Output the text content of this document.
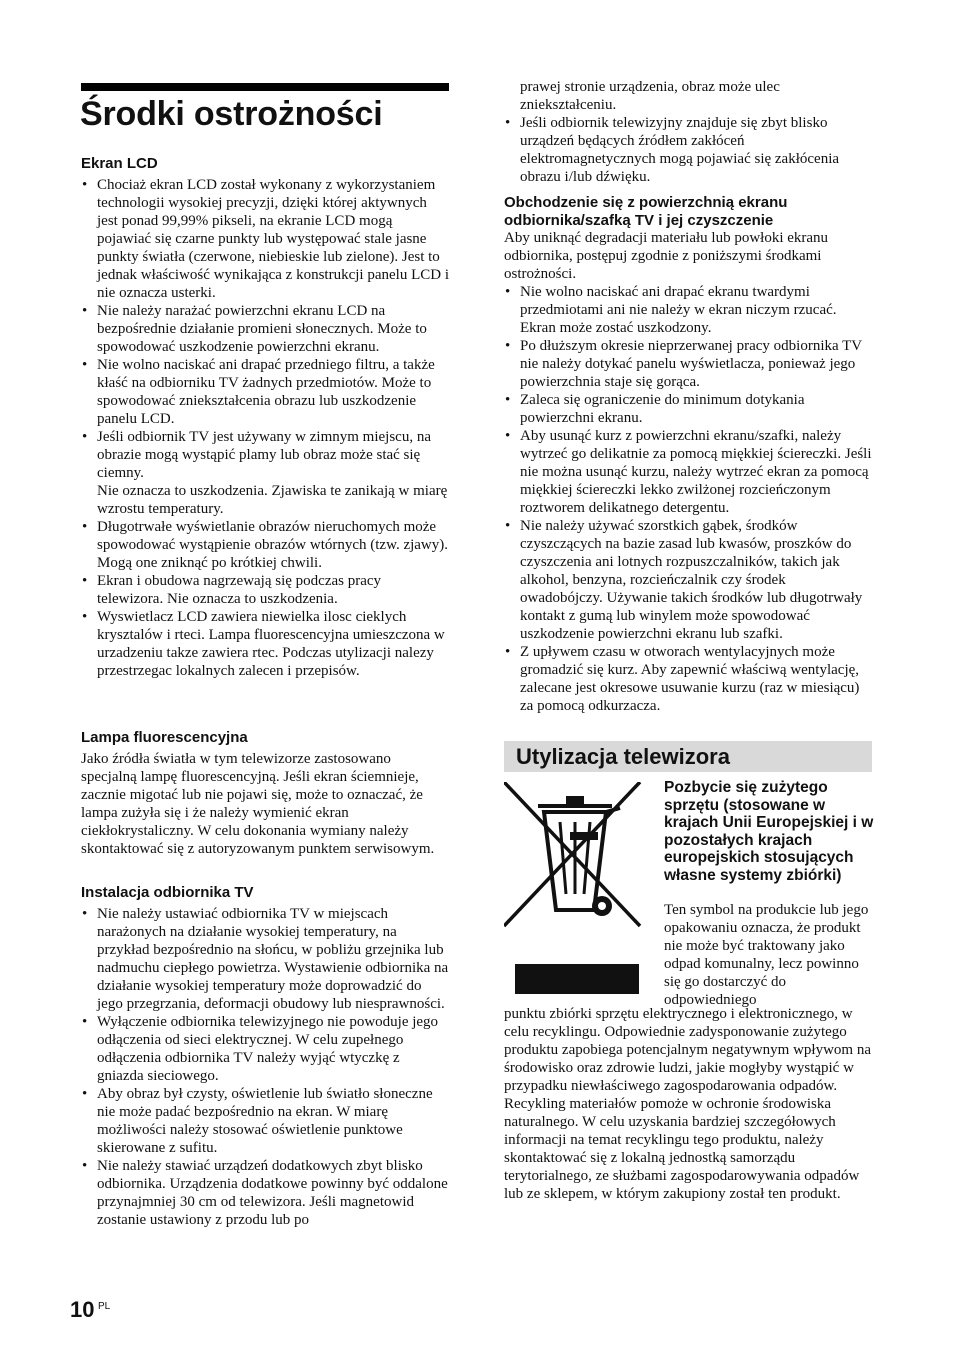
Środki ostrożności
Ekran LCD
• Chociaż ekran LCD został wykonany z wykorzystaniem technologii wysokiej precyzji, dzięki której aktywnych jest ponad 99,99% pikseli, na ekranie LCD mogą pojawiać się czarne punkty lub występować stale jasne punkty światła (czerwone, niebieskie lub zielone). Jest to jednak właściwość wynikająca z konstrukcji panelu LCD i nie oznacza usterki.
• Nie należy narażać powierzchni ekranu LCD na bezpośrednie działanie promieni słonecznych. Może to spowodować uszkodzenie powierzchni ekranu.
• Nie wolno naciskać ani drapać przedniego filtru, a także kłaść na odbiorniku TV żadnych przedmiotów. Może to spowodować zniekształcenia obrazu lub uszkodzenie panelu LCD.
• Jeśli odbiornik TV jest używany w zimnym miejscu, na obrazie mogą wystąpić plamy lub obraz może stać się ciemny.
Nie oznacza to uszkodzenia. Zjawiska te zanikają w miarę wzrostu temperatury.
• Długotrwałe wyświetlanie obrazów nieruchomych może spowodować wystąpienie obrazów wtórnych (tzw. zjawy). Mogą one zniknąć po krótkiej chwili.
• Ekran i obudowa nagrzewają się podczas pracy telewizora. Nie oznacza to uszkodzenia.
• Wyswietlacz LCD zawiera niewielka ilosc cieklych krysztalów i rteci. Lampa fluorescencyjna umieszczona w urzadzeniu takze zawiera rtec. Podczas utylizacji nalezy przestrzegac lokalnych zalecen i przepisów.
Lampa fluorescencyjna

Jako źródła światła w tym telewizorze zastosowano specjalną lampę fluorescencyjną. Jeśli ekran ściemnieje, zacznie migotać lub nie pojawi się, może to oznaczać, że lampa zużyła się i że należy wymienić ekran ciekłokrystaliczny. W celu dokonania wymiany należy skontaktować się z autoryzowanym punktem serwisowym.

Instalacja odbiornika TV
• Nie należy ustawiać odbiornika TV w miejscach narażonych na działanie wysokiej temperatury, na przykład bezpośrednio na słońcu, w pobliżu grzejnika lub nadmuchu ciepłego powietrza. Wystawienie odbiornika na działanie wysokiej temperatury może doprowadzić do jego przegrzania, deformacji obudowy lub niesprawności.
• Wyłączenie odbiornika telewizyjnego nie powoduje jego odłączenia od sieci elektrycznej. W celu zupełnego odłączenia odbiornika TV należy wyjąć wtyczkę z gniazda sieciowego.
• Aby obraz był czysty, oświetlenie lub światło słoneczne nie może padać bezpośrednio na ekran. W miarę możliwości należy stosować oświetlenie punktowe skierowane z sufitu.
• Nie należy stawiać urządzeń dodatkowych zbyt blisko odbiornika. Urządzenia dodatkowe powinny być oddalone przynajmniej 30 cm od telewizora. Jeśli magnetowid zostanie ustawiony z przodu lub po

prawej stronie urządzenia, obraz może ulec zniekształceniu.

• Jeśli odbiornik telewizyjny znajduje się zbyt blisko urządzeń będących źródłem zakłóceń elektromagnetycznych mogą pojawiać się zakłócenia obrazu i/lub dźwięku.
Obchodzenie się z powierzchnią ekranu odbiornika/szafką TV i jej czyszczenie

Aby uniknąć degradacji materiału lub powłoki ekranu odbiornika, postępuj zgodnie z poniższymi środkami ostrożności.

• Nie wolno naciskać ani drapać ekranu twardymi przedmiotami ani nie należy w ekran niczym rzucać. Ekran może zostać uszkodzony.
• Po dłuższym okresie nieprzerwanej pracy odbiornika TV nie należy dotykać panelu wyświetlacza, ponieważ jego powierzchnia staje się gorąca.
• Zaleca się ograniczenie do minimum dotykania powierzchni ekranu.
• Aby usunąć kurz z powierzchni ekranu/szafki, należy wytrzeć go delikatnie za pomocą miękkiej ściereczki. Jeśli nie można usunąć kurzu, należy wytrzeć ekran za pomocą miękkiej ściereczki lekko zwilżonej rozcieńczonym roztworem delikatnego detergentu.
• Nie należy używać szorstkich gąbek, środków czyszczących na bazie zasad lub kwasów, proszków do czyszczenia ani lotnych rozpuszczalników, takich jak alkohol, benzyna, rozcieńczalnik czy środek owadobójczy. Używanie takich środków lub długotrwały kontakt z gumą lub winylem może spowodować uszkodzenie powierzchni ekranu lub szafki.
• Z upływem czasu w otworach wentylacyjnych może gromadzić się kurz. Aby zapewnić właściwą wentylację, zalecane jest okresowe usuwanie kurzu (raz w miesiącu) za pomocą odkurzacza.
Utylizacja telewizora
Pozbycie się zużytego sprzętu (stosowane w krajach Unii Europejskiej i w pozostałych krajach europejskich stosujących własne systemy zbiórki)

Ten symbol na produkcie lub jego opakowaniu oznacza, że produkt nie może być traktowany jako odpad komunalny, lecz powinno się go dostarczyć do odpowiedniego

punktu zbiórki sprzętu elektrycznego i elektronicznego, w celu recyklingu. Odpowiednie zadysponowanie zużytego produktu zapobiega potencjalnym negatywnym wpływom na środowisko oraz zdrowie ludzi, jakie mogłyby wystąpić w przypadku niewłaściwego zagospodarowania odpadów. Recykling materiałów pomoże w ochronie środowiska naturalnego. W celu uzyskania bardziej szczegółowych informacji na temat recyklingu tego produktu, należy skontaktować się z lokalną jednostką samorządu terytorialnego, ze służbami zagospodarowywania odpadów lub ze sklepem, w którym zakupiony został ten produkt.

10 PL
